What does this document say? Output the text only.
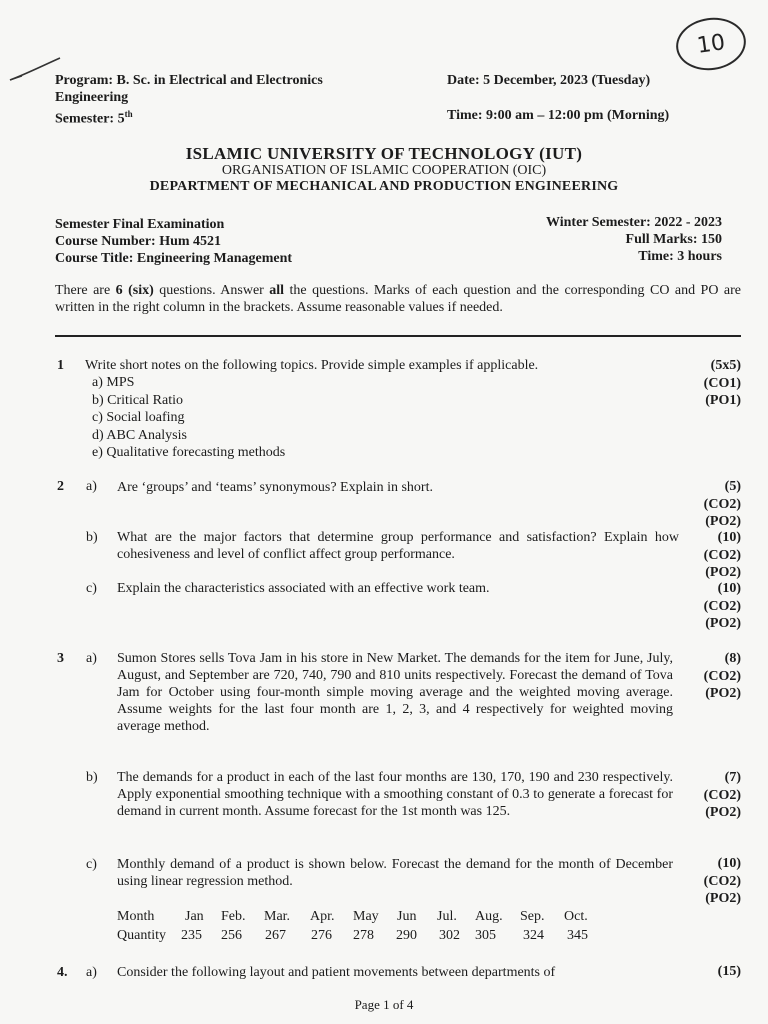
10
Program: B. Sc. in Electrical and Electronics
Engineering
Semester: 5th
Date: 5 December, 2023 (Tuesday)
Time: 9:00 am – 12:00 pm (Morning)
ISLAMIC UNIVERSITY OF TECHNOLOGY (IUT)
ORGANISATION OF ISLAMIC COOPERATION (OIC)
DEPARTMENT OF MECHANICAL AND PRODUCTION ENGINEERING
Semester Final Examination
Course Number: Hum 4521
Course Title: Engineering Management
Winter Semester: 2022 - 2023
Full Marks: 150
Time: 3 hours
There are 6 (six) questions. Answer all the questions. Marks of each question and the corresponding CO and PO are written in the right column in the brackets. Assume reasonable values if needed.
1 Write short notes on the following topics. Provide simple examples if applicable.
a) MPS
b) Critical Ratio
c) Social loafing
d) ABC Analysis
e) Qualitative forecasting methods
(5x5)
(CO1)
(PO1)
2 a) Are ‘groups’ and ‘teams’ synonymous? Explain in short.	(5)
(CO2)
(PO2)
b) What are the major factors that determine group performance and satisfaction? Explain how cohesiveness and level of conflict affect group performance.
(10)
(CO2)
(PO2)
c) Explain the characteristics associated with an effective work team.	(10)
(CO2)
(PO2)
3 a) Sumon Stores sells Tova Jam in his store in New Market. The demands for the item for June, July, August, and September are 720, 740, 790 and 810 units respectively. Forecast the demand of Tova Jam for October using four-month simple moving average and the weighted moving average. Assume weights for the last four month are 1, 2, 3, and 4 respectively for weighted moving average method.
(8)
(CO2)
(PO2)
b) The demands for a product in each of the last four months are 130, 170, 190 and 230 respectively. Apply exponential smoothing technique with a smoothing constant of 0.3 to generate a forecast for demand in current month. Assume forecast for the 1st month was 125.
(7)
(CO2)
(PO2)
c) Monthly demand of a product is shown below. Forecast the demand for the month of December using linear regression method.
(10)
(CO2)
(PO2)
Month Jan Feb. Mar. Apr. May Jun Jul. Aug. Sep. Oct.
Quantity 235 256 267 276 278 290 302 305 324 345
4. a) Consider the following layout and patient movements between departments of	(15)
Page 1 of 4
